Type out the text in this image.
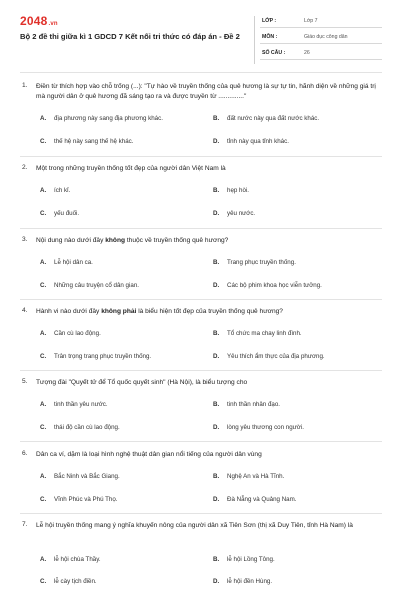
2048.vn
Bộ 2 đề thi giữa kì 1 GDCD 7 Kết nối tri thức có đáp án - Đề 2
LỚP :	Lớp 7
MÔN :	Giáo dục công dân
SỐ CÂU :	26
1. Điền từ thích hợp vào chỗ trống (...): "Tự hào về truyền thống của quê hương là sự tự tin, hãnh diện về những giá trị mà người dân ở quê hương đã sáng tạo ra và được truyền từ .............."
A. địa phương này sang địa phương khác.	B. đất nước này qua đất nước khác.
C. thế hệ này sang thế hệ khác.	D. tỉnh này qua tỉnh khác.
2. Một trong những truyền thống tốt đẹp của người dân Việt Nam là
A. ích kỉ.	B. hẹp hòi.
C. yếu đuối.	D. yêu nước.
3. Nội dung nào dưới đây không thuộc về truyền thống quê hương?
A. Lễ hội dân ca.	B. Trang phục truyền thống.
C. Những câu truyện cổ dân gian.	D. Các bộ phim khoa học viễn tưởng.
4. Hành vi nào dưới đây không phải là biểu hiện tốt đẹp của truyền thống quê hương?
A. Cần cù lao động.	B. Tổ chức ma chay linh đình.
C. Trân trọng trang phục truyền thống.	D. Yêu thích ẩm thực của địa phương.
5. Tượng đài "Quyết tử để Tổ quốc quyết sinh" (Hà Nội), là biểu tượng cho
A. tinh thần yêu nước.	B. tinh thần nhân đạo.
C. thái độ cần cù lao động.	D. lòng yêu thương con người.
6. Dân ca ví, dặm là loại hình nghệ thuật dân gian nổi tiếng của người dân vùng
A. Bắc Ninh và Bắc Giang.	B. Nghệ An và Hà Tĩnh.
C. Vĩnh Phúc và Phú Thọ.	D. Đà Nẵng và Quảng Nam.
7. Lễ hội truyền thống mang ý nghĩa khuyến nông của người dân xã Tiên Sơn (thị xã Duy Tiên, tỉnh Hà Nam) là
A. lễ hội chùa Thầy.	B. lễ hội Lồng Tông.
C. lễ cày tịch điền.	D. lễ hội đền Hùng.
